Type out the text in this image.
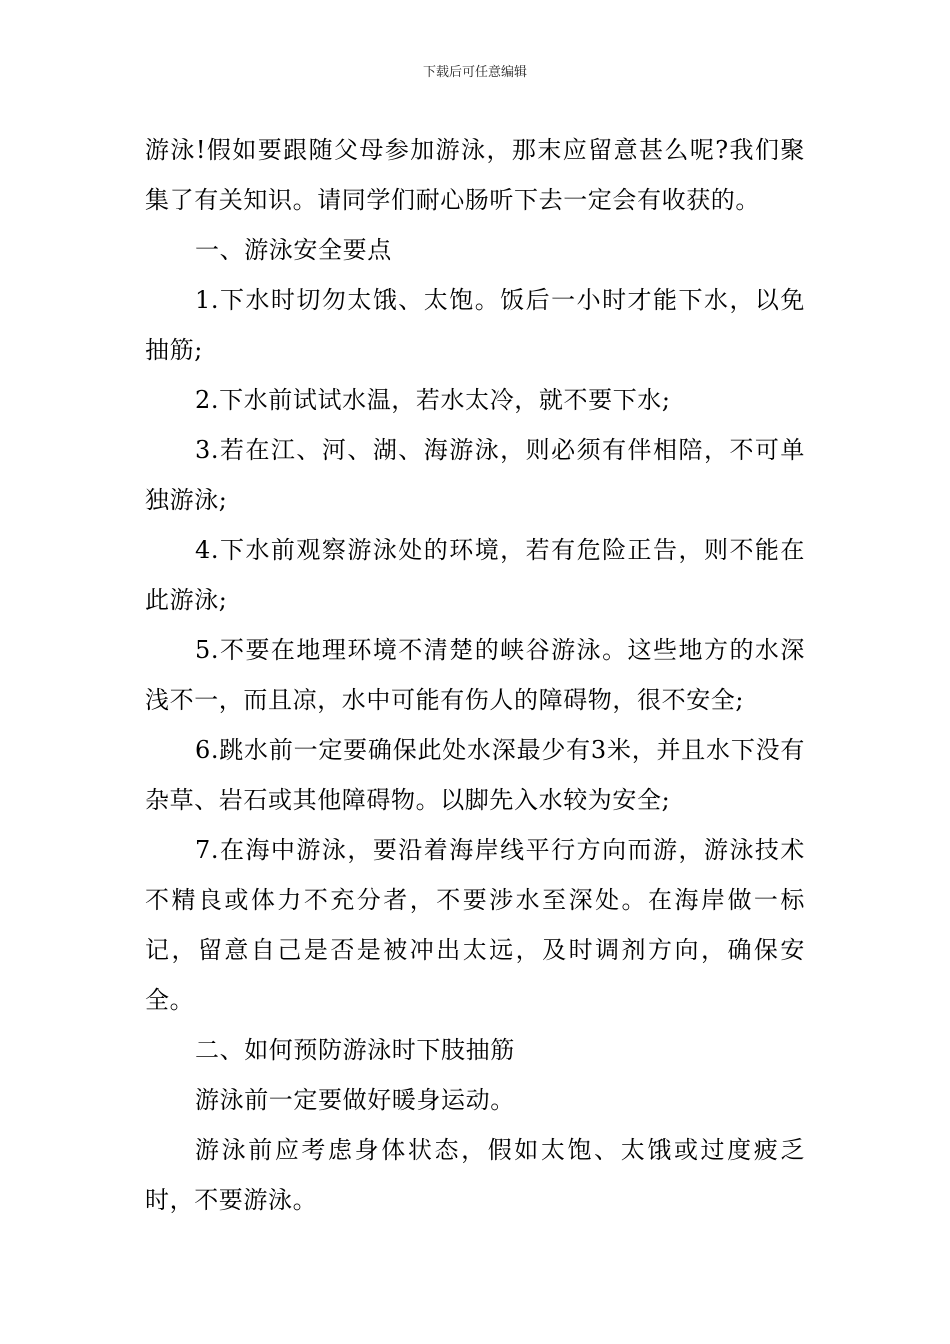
下载后可任意编辑

游泳!假如要跟随父母参加游泳，那末应留意甚么呢?我们聚集了有关知识。请同学们耐心肠听下去一定会有收获的。

一、游泳安全要点

1.下水时切勿太饿、太饱。饭后一小时才能下水，以免抽筋;

2.下水前试试水温，若水太冷，就不要下水;

3.若在江、河、湖、海游泳，则必须有伴相陪，不可单独游泳;

4.下水前观察游泳处的环境，若有危险正告，则不能在此游泳;

5.不要在地理环境不清楚的峡谷游泳。这些地方的水深浅不一，而且凉，水中可能有伤人的障碍物，很不安全;

6.跳水前一定要确保此处水深最少有3米，并且水下没有杂草、岩石或其他障碍物。以脚先入水较为安全;

7.在海中游泳，要沿着海岸线平行方向而游，游泳技术不精良或体力不充分者，不要涉水至深处。在海岸做一标记，留意自己是否是被冲出太远，及时调剂方向，确保安全。

二、如何预防游泳时下肢抽筋

游泳前一定要做好暖身运动。

游泳前应考虑身体状态，假如太饱、太饿或过度疲乏时，不要游泳。
